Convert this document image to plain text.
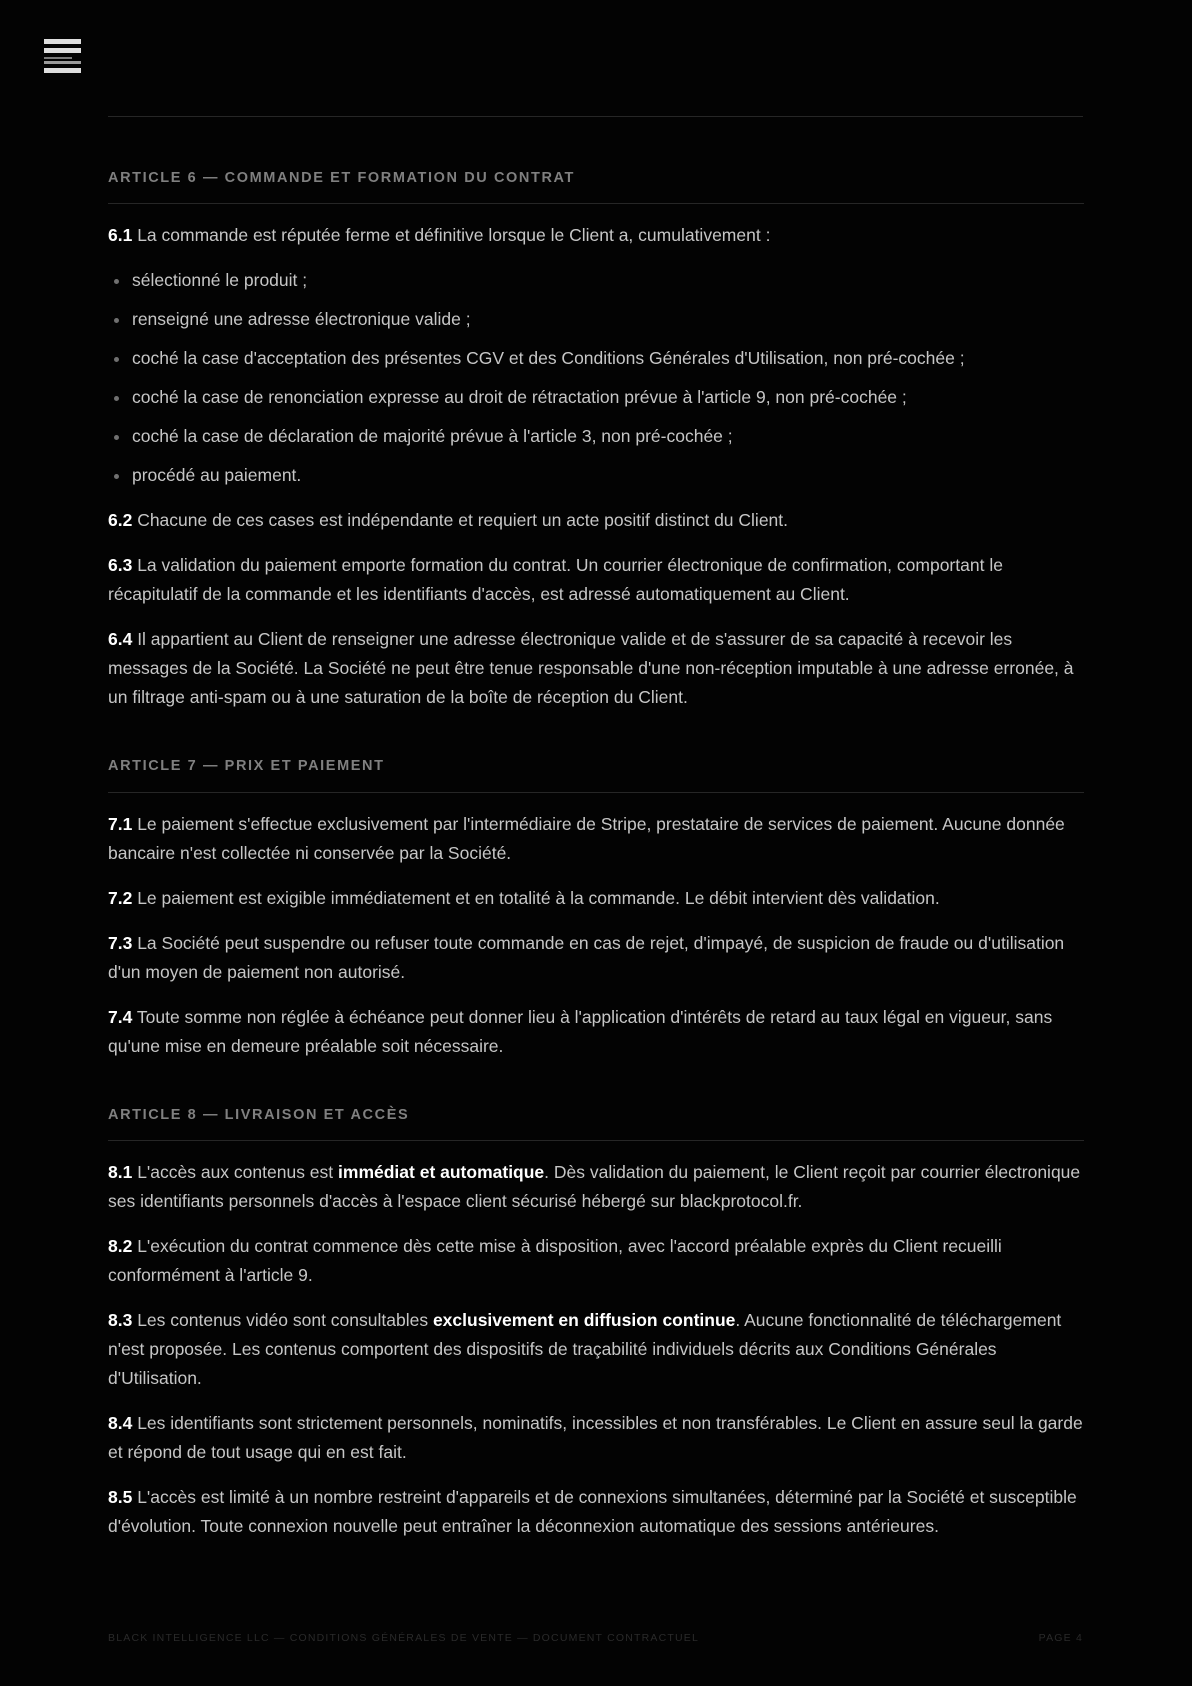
ARTICLE 6 — COMMANDE ET FORMATION DU CONTRAT

6.1 La commande est réputée ferme et définitive lorsque le Client a, cumulativement :

sélectionné le produit ;
renseigné une adresse électronique valide ;
coché la case d'acceptation des présentes CGV et des Conditions Générales d'Utilisation, non pré-cochée ;
coché la case de renonciation expresse au droit de rétractation prévue à l'article 9, non pré-cochée ;
coché la case de déclaration de majorité prévue à l'article 3, non pré-cochée ;
procédé au paiement.

6.2 Chacune de ces cases est indépendante et requiert un acte positif distinct du Client.

6.3 La validation du paiement emporte formation du contrat. Un courrier électronique de confirmation, comportant le récapitulatif de la commande et les identifiants d'accès, est adressé automatiquement au Client.

6.4 Il appartient au Client de renseigner une adresse électronique valide et de s'assurer de sa capacité à recevoir les messages de la Société. La Société ne peut être tenue responsable d'une non-réception imputable à une adresse erronée, à un filtrage anti-spam ou à une saturation de la boîte de réception du Client.

ARTICLE 7 — PRIX ET PAIEMENT

7.1 Le paiement s'effectue exclusivement par l'intermédiaire de Stripe, prestataire de services de paiement. Aucune donnée bancaire n'est collectée ni conservée par la Société.

7.2 Le paiement est exigible immédiatement et en totalité à la commande. Le débit intervient dès validation.

7.3 La Société peut suspendre ou refuser toute commande en cas de rejet, d'impayé, de suspicion de fraude ou d'utilisation d'un moyen de paiement non autorisé.

7.4 Toute somme non réglée à échéance peut donner lieu à l'application d'intérêts de retard au taux légal en vigueur, sans qu'une mise en demeure préalable soit nécessaire.

ARTICLE 8 — LIVRAISON ET ACCÈS

8.1 L'accès aux contenus est immédiat et automatique. Dès validation du paiement, le Client reçoit par courrier électronique ses identifiants personnels d'accès à l'espace client sécurisé hébergé sur blackprotocol.fr.

8.2 L'exécution du contrat commence dès cette mise à disposition, avec l'accord préalable exprès du Client recueilli conformément à l'article 9.

8.3 Les contenus vidéo sont consultables exclusivement en diffusion continue. Aucune fonctionnalité de téléchargement n'est proposée. Les contenus comportent des dispositifs de traçabilité individuels décrits aux Conditions Générales d'Utilisation.

8.4 Les identifiants sont strictement personnels, nominatifs, incessibles et non transférables. Le Client en assure seul la garde et répond de tout usage qui en est fait.

8.5 L'accès est limité à un nombre restreint d'appareils et de connexions simultanées, déterminé par la Société et susceptible d'évolution. Toute connexion nouvelle peut entraîner la déconnexion automatique des sessions antérieures.

BLACK INTELLIGENCE LLC — CONDITIONS GÉNÉRALES DE VENTE — DOCUMENT CONTRACTUEL	PAGE 4
